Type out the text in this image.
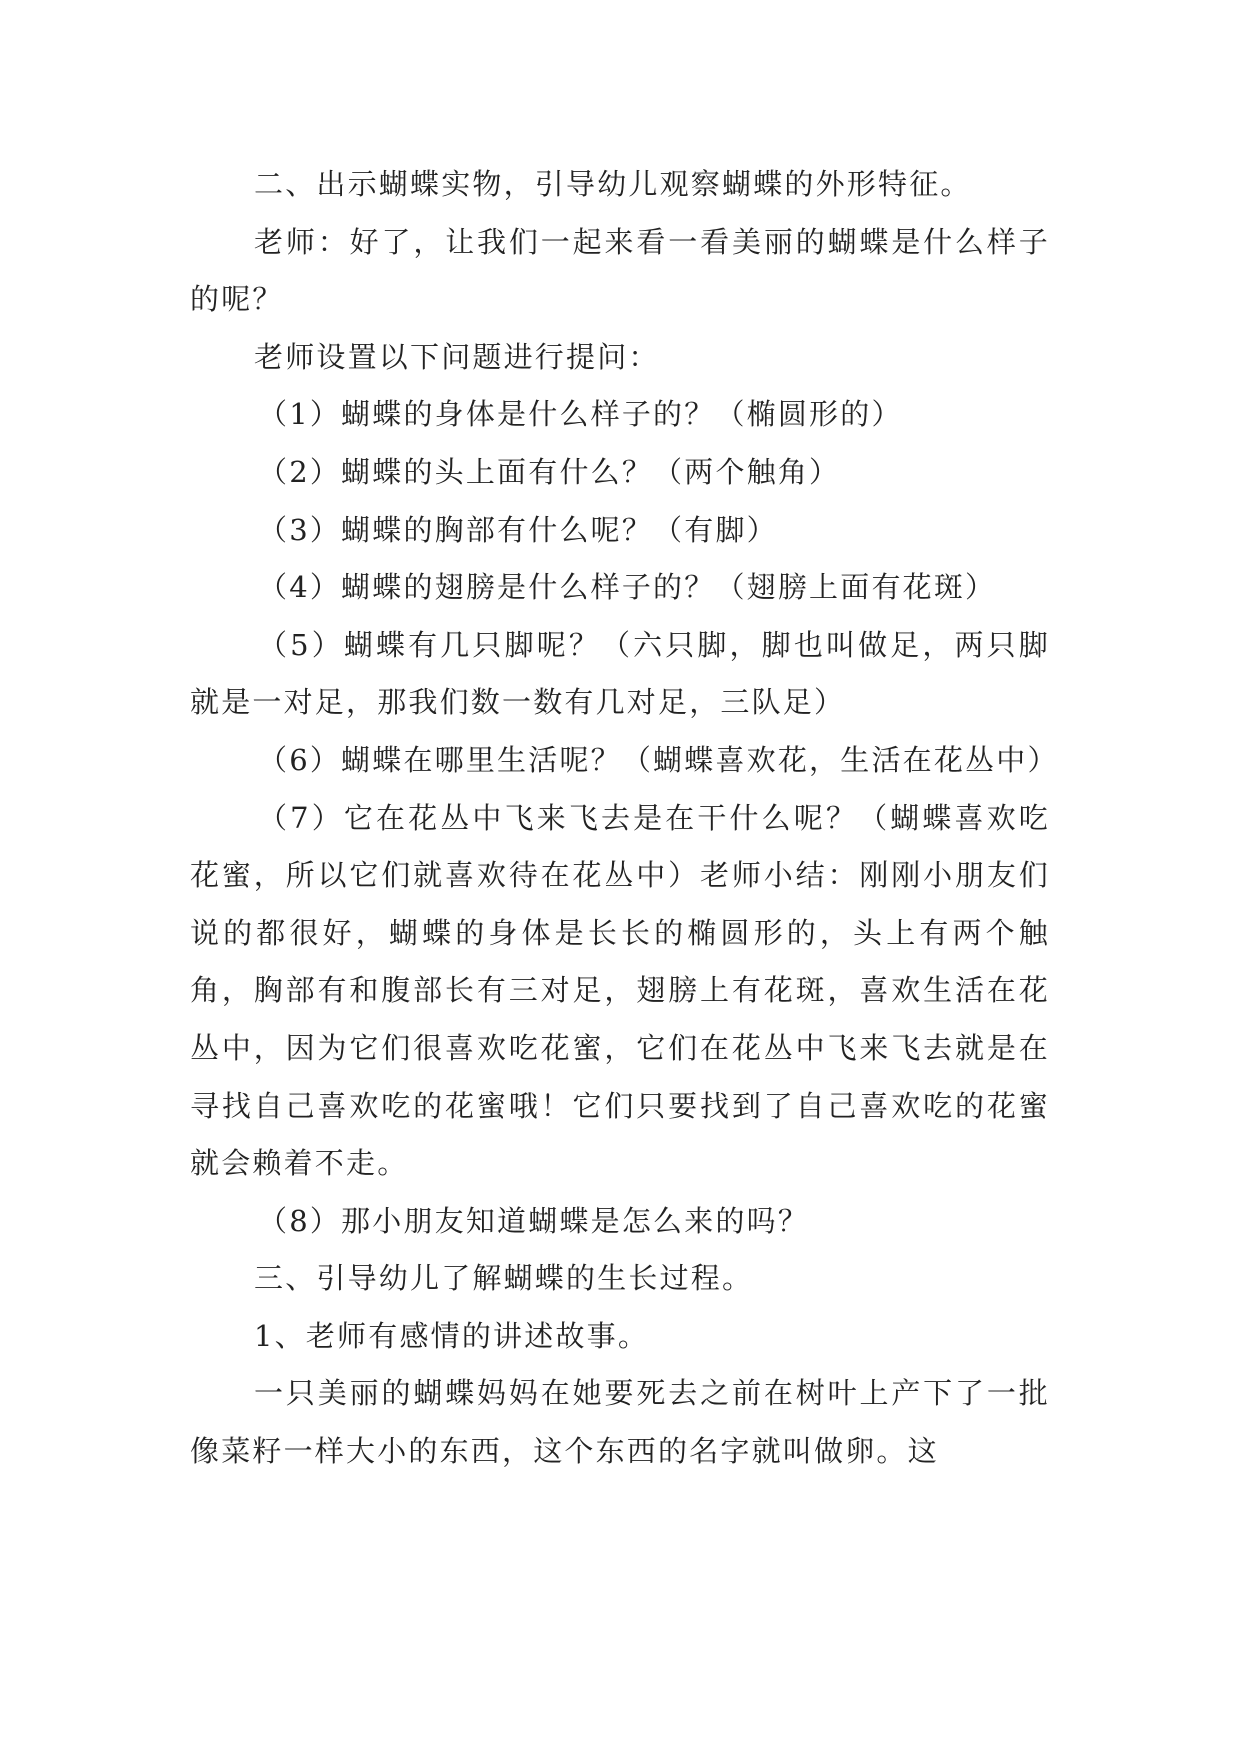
二、出示蝴蝶实物，引导幼儿观察蝴蝶的外形特征。

老师：好了，让我们一起来看一看美丽的蝴蝶是什么样子的呢？

老师设置以下问题进行提问：

（1）蝴蝶的身体是什么样子的？（椭圆形的）

（2）蝴蝶的头上面有什么？（两个触角）

（3）蝴蝶的胸部有什么呢？（有脚）

（4）蝴蝶的翅膀是什么样子的？（翅膀上面有花斑）

（5）蝴蝶有几只脚呢？（六只脚，脚也叫做足，两只脚就是一对足，那我们数一数有几对足，三队足）

（6）蝴蝶在哪里生活呢？（蝴蝶喜欢花，生活在花丛中）

（7）它在花丛中飞来飞去是在干什么呢？（蝴蝶喜欢吃花蜜，所以它们就喜欢待在花丛中）老师小结：刚刚小朋友们说的都很好，蝴蝶的身体是长长的椭圆形的，头上有两个触角，胸部有和腹部长有三对足，翅膀上有花斑，喜欢生活在花丛中，因为它们很喜欢吃花蜜，它们在花丛中飞来飞去就是在寻找自己喜欢吃的花蜜哦！它们只要找到了自己喜欢吃的花蜜就会赖着不走。

（8）那小朋友知道蝴蝶是怎么来的吗？

三、引导幼儿了解蝴蝶的生长过程。

1、老师有感情的讲述故事。

一只美丽的蝴蝶妈妈在她要死去之前在树叶上产下了一批像菜籽一样大小的东西，这个东西的名字就叫做卵。这
